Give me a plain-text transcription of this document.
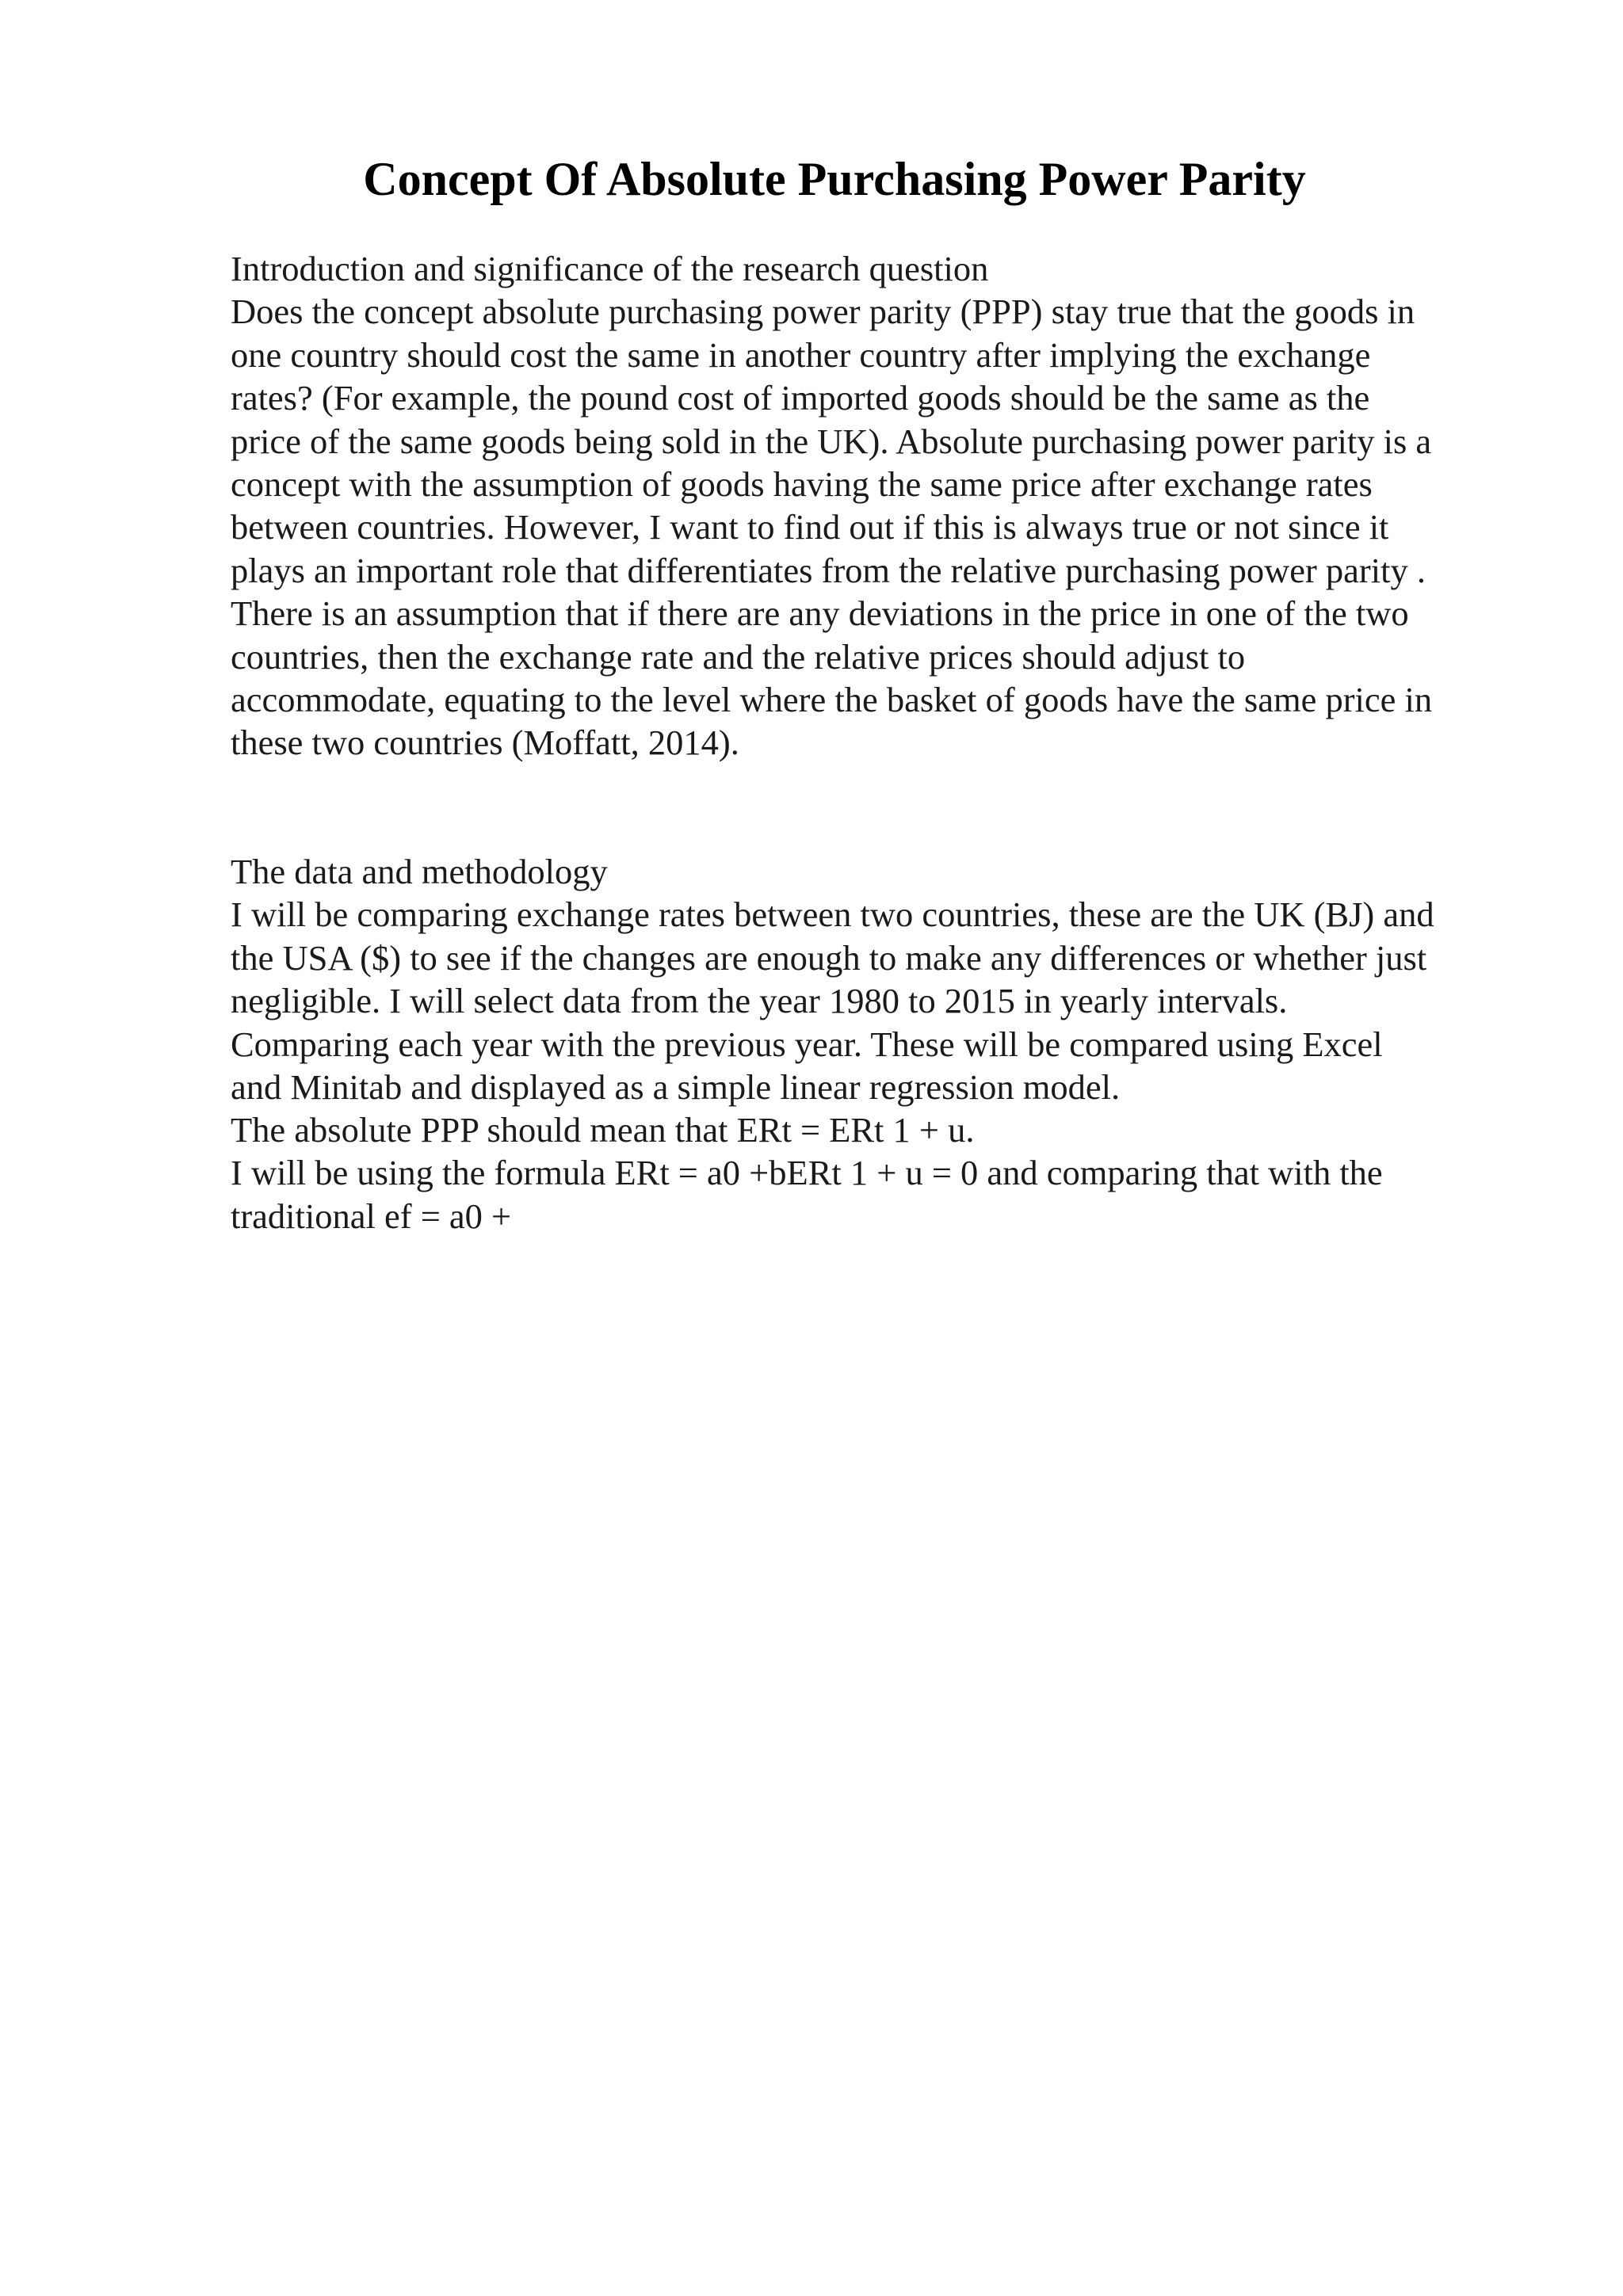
Concept Of Absolute Purchasing Power Parity
Introduction and significance of the research question
Does the concept absolute purchasing power parity (PPP) stay true that the goods in
one country should cost the same in another country after implying the exchange
rates? (For example, the pound cost of imported goods should be the same as the
price of the same goods being sold in the UK). Absolute purchasing power parity is a
concept with the assumption of goods having the same price after exchange rates
between countries. However, I want to find out if this is always true or not since it
plays an important role that differentiates from the relative purchasing power parity .
There is an assumption that if there are any deviations in the price in one of the two
countries, then the exchange rate and the relative prices should adjust to
accommodate, equating to the level where the basket of goods have the same price in
these two countries (Moffatt, 2014).
The data and methodology
I will be comparing exchange rates between two countries, these are the UK (BJ) and
the USA ($) to see if the changes are enough to make any differences or whether just
negligible. I will select data from the year 1980 to 2015 in yearly intervals.
Comparing each year with the previous year. These will be compared using Excel
and Minitab and displayed as a simple linear regression model.
The absolute PPP should mean that ERt = ERt 1 + u.
I will be using the formula ERt = a0 +bERt 1 + u = 0 and comparing that with the
traditional ef = a0 +
